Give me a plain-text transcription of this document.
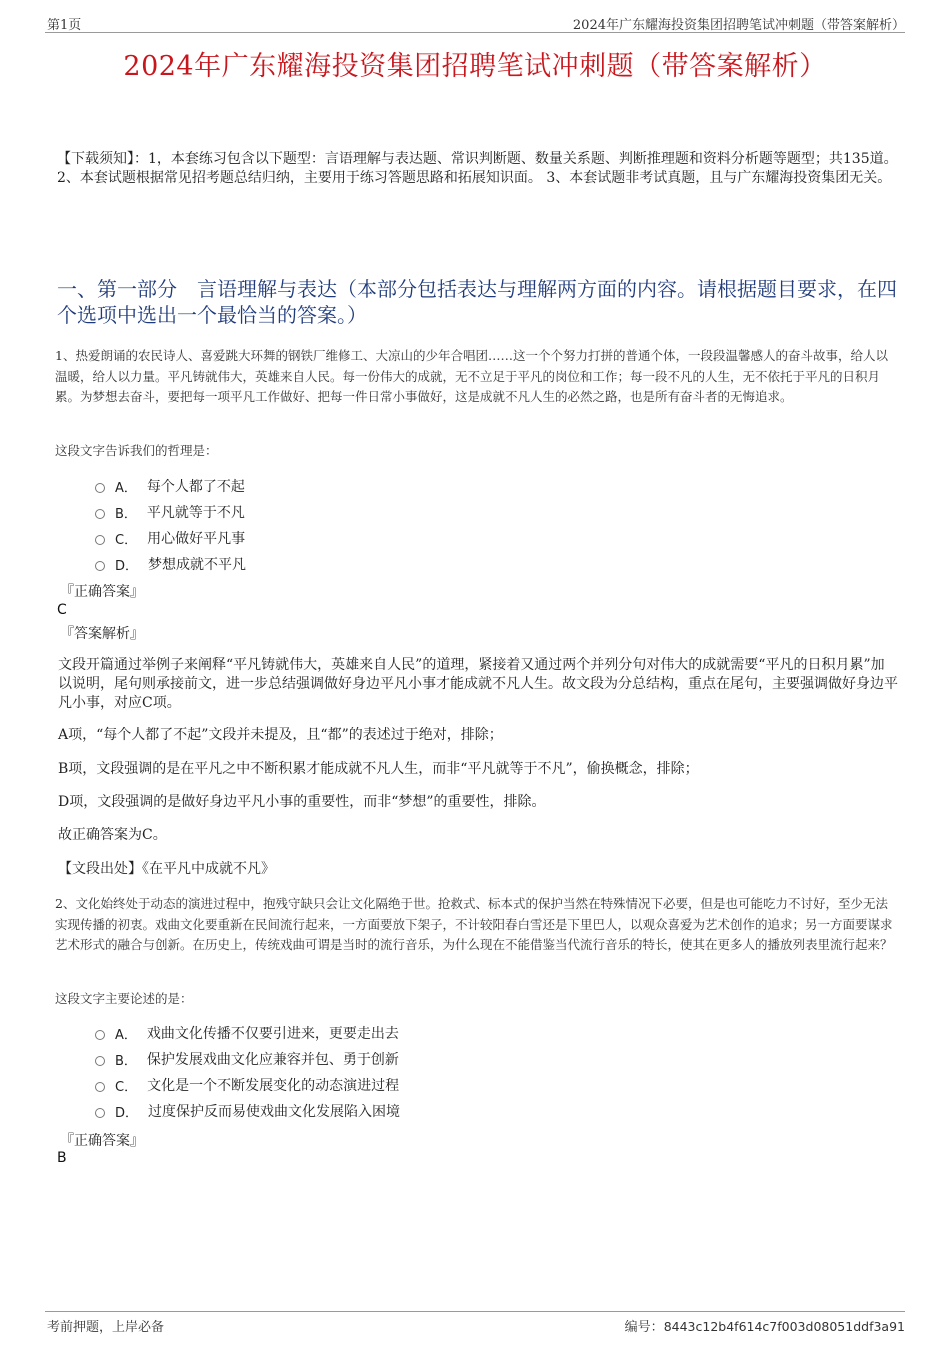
第1页	2024年广东耀海投资集团招聘笔试冲刺题（带答案解析）
2024年广东耀海投资集团招聘笔试冲刺题（带答案解析）
【下载须知】：1，本套练习包含以下题型：言语理解与表达题、常识判断题、数量关系题、判断推理题和资料分析题等题型；共135道。 2、本套试题根据常见招考题总结归纳，主要用于练习答题思路和拓展知识面。 3、本套试题非考试真题，且与广东耀海投资集团无关。
一、第一部分　言语理解与表达（本部分包括表达与理解两方面的内容。请根据题目要求，在四个选项中选出一个最恰当的答案。）
1、热爱朗诵的农民诗人、喜爱跳大环舞的钢铁厂维修工、大凉山的少年合唱团……这一个个努力打拼的普通个体，一段段温馨感人的奋斗故事，给人以温暖，给人以力量。平凡铸就伟大，英雄来自人民。每一份伟大的成就，无不立足于平凡的岗位和工作；每一段不凡的人生，无不依托于平凡的日积月累。为梦想去奋斗，要把每一项平凡工作做好、把每一件日常小事做好，这是成就不凡人生的必然之路，也是所有奋斗者的无悔追求。
这段文字告诉我们的哲理是：
A． 每个人都了不起
B． 平凡就等于不凡
C． 用心做好平凡事
D． 梦想成就不平凡
『正确答案』
C
『答案解析』
文段开篇通过举例子来阐释“平凡铸就伟大，英雄来自人民”的道理，紧接着又通过两个并列分句对伟大的成就需要“平凡的日积月累”加以说明，尾句则承接前文，进一步总结强调做好身边平凡小事才能成就不凡人生。故文段为分总结构，重点在尾句，主要强调做好身边平凡小事，对应C项。
A项，“每个人都了不起”文段并未提及，且“都”的表述过于绝对，排除；
B项，文段强调的是在平凡之中不断积累才能成就不凡人生，而非“平凡就等于不凡”，偷换概念，排除；
D项，文段强调的是做好身边平凡小事的重要性，而非“梦想”的重要性，排除。
故正确答案为C。
【文段出处】《在平凡中成就不凡》
2、文化始终处于动态的演进过程中，抱残守缺只会让文化隔绝于世。抢救式、标本式的保护当然在特殊情况下必要，但是也可能吃力不讨好，至少无法实现传播的初衷。戏曲文化要重新在民间流行起来，一方面要放下架子，不计较阳春白雪还是下里巴人，以观众喜爱为艺术创作的追求；另一方面要谋求艺术形式的融合与创新。在历史上，传统戏曲可谓是当时的流行音乐，为什么现在不能借鉴当代流行音乐的特长，使其在更多人的播放列表里流行起来？
这段文字主要论述的是：
A． 戏曲文化传播不仅要引进来，更要走出去
B． 保护发展戏曲文化应兼容并包、勇于创新
C． 文化是一个不断发展变化的动态演进过程
D． 过度保护反而易使戏曲文化发展陷入困境
『正确答案』
B
考前押题，上岸必备	编号：8443c12b4f614c7f003d08051ddf3a91
